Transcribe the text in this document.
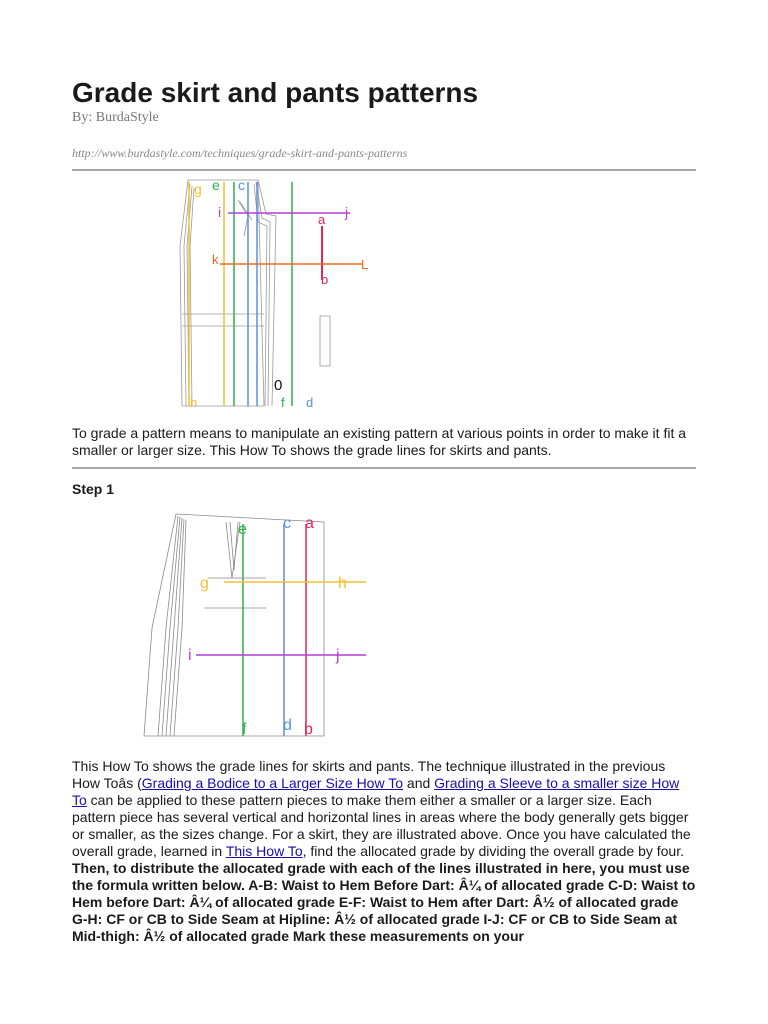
Grade skirt and pants patterns
By: BurdaStyle
http://www.burdastyle.com/techniques/grade-skirt-and-pants-patterns
g e c
i	j
a
k	L
b
0
h	f d
To grade a pattern means to manipulate an existing pattern at various points in order to make it fit a smaller or larger size. This How To shows the grade lines for skirts and pants.
Step 1
e c a
g	h
i	j
f d b
This How To shows the grade lines for skirts and pants. The technique illustrated in the previous How Toâs (Grading a Bodice to a Larger Size How To and Grading a Sleeve to a smaller size How To can be applied to these pattern pieces to make them either a smaller or a larger size. Each pattern piece has several vertical and horizontal lines in areas where the body generally gets bigger or smaller, as the sizes change. For a skirt, they are illustrated above. Once you have calculated the overall grade, learned in This How To, find the allocated grade by dividing the overall grade by four. Then, to distribute the allocated grade with each of the lines illustrated in here, you must use the formula written below. A-B: Waist to Hem Before Dart: Â¼ of allocated grade C-D: Waist to Hem before Dart: Â¼ of allocated grade E-F: Waist to Hem after Dart: Â½ of allocated grade G-H: CF or CB to Side Seam at Hipline: Â½ of allocated grade I-J: CF or CB to Side Seam at Mid-thigh: Â½ of allocated grade Mark these measurements on your
